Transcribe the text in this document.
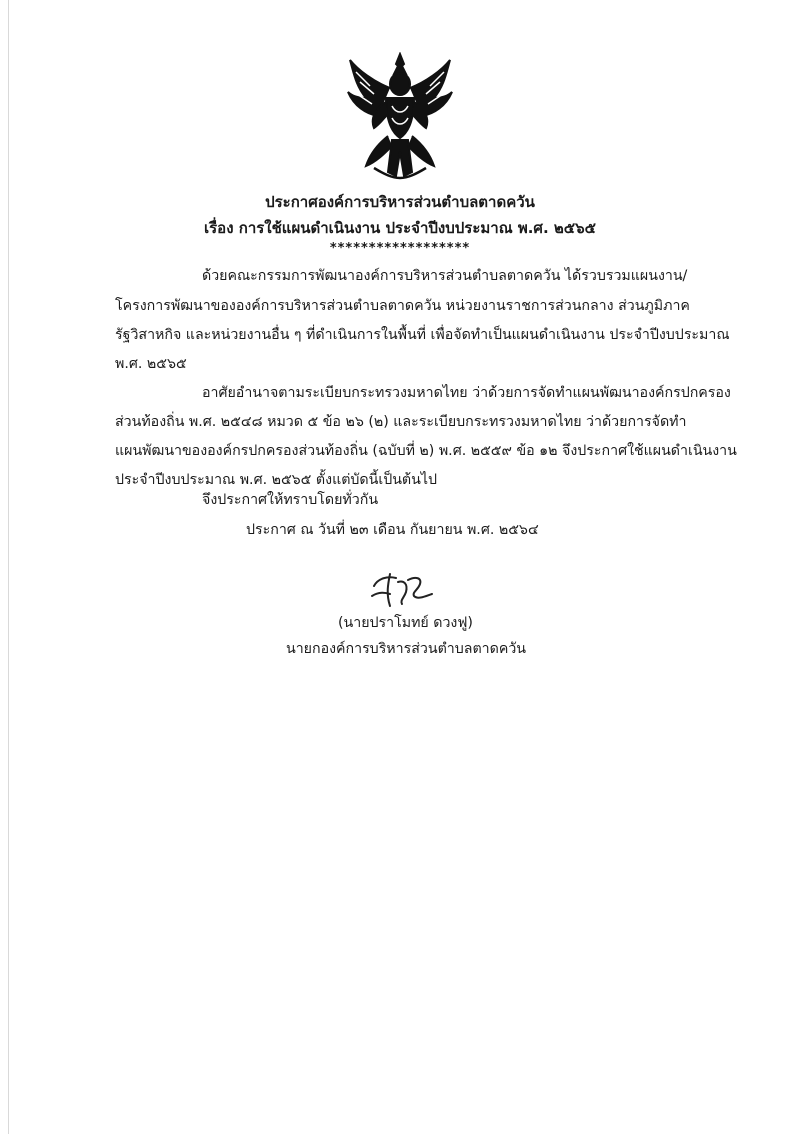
ประกาศองค์การบริหารส่วนตำบลตาดควัน
เรื่อง การใช้แผนดำเนินงาน ประจำปีงบประมาณ พ.ศ. ๒๕๖๕
******************
ด้วยคณะกรรมการพัฒนาองค์การบริหารส่วนตำบลตาดควัน ได้รวบรวมแผนงาน/
โครงการพัฒนาขององค์การบริหารส่วนตำบลตาดควัน หน่วยงานราชการส่วนกลาง ส่วนภูมิภาค
รัฐวิสาหกิจ และหน่วยงานอื่น ๆ ที่ดำเนินการในพื้นที่ เพื่อจัดทำเป็นแผนดำเนินงาน ประจำปีงบประมาณ
พ.ศ. ๒๕๖๕
อาศัยอำนาจตามระเบียบกระทรวงมหาดไทย ว่าด้วยการจัดทำแผนพัฒนาองค์กรปกครอง
ส่วนท้องถิ่น พ.ศ. ๒๕๔๘ หมวด ๕ ข้อ ๒๖ (๒) และระเบียบกระทรวงมหาดไทย ว่าด้วยการจัดทำ
แผนพัฒนาขององค์กรปกครองส่วนท้องถิ่น (ฉบับที่ ๒) พ.ศ. ๒๕๕๙ ข้อ ๑๒ จึงประกาศใช้แผนดำเนินงาน
ประจำปีงบประมาณ พ.ศ. ๒๕๖๕ ตั้งแต่บัดนี้เป็นต้นไป
จึงประกาศให้ทราบโดยทั่วกัน
ประกาศ ณ วันที่ ๒๓ เดือน กันยายน พ.ศ. ๒๕๖๔
(นายปราโมทย์ ดวงฟู)
นายกองค์การบริหารส่วนตำบลตาดควัน
